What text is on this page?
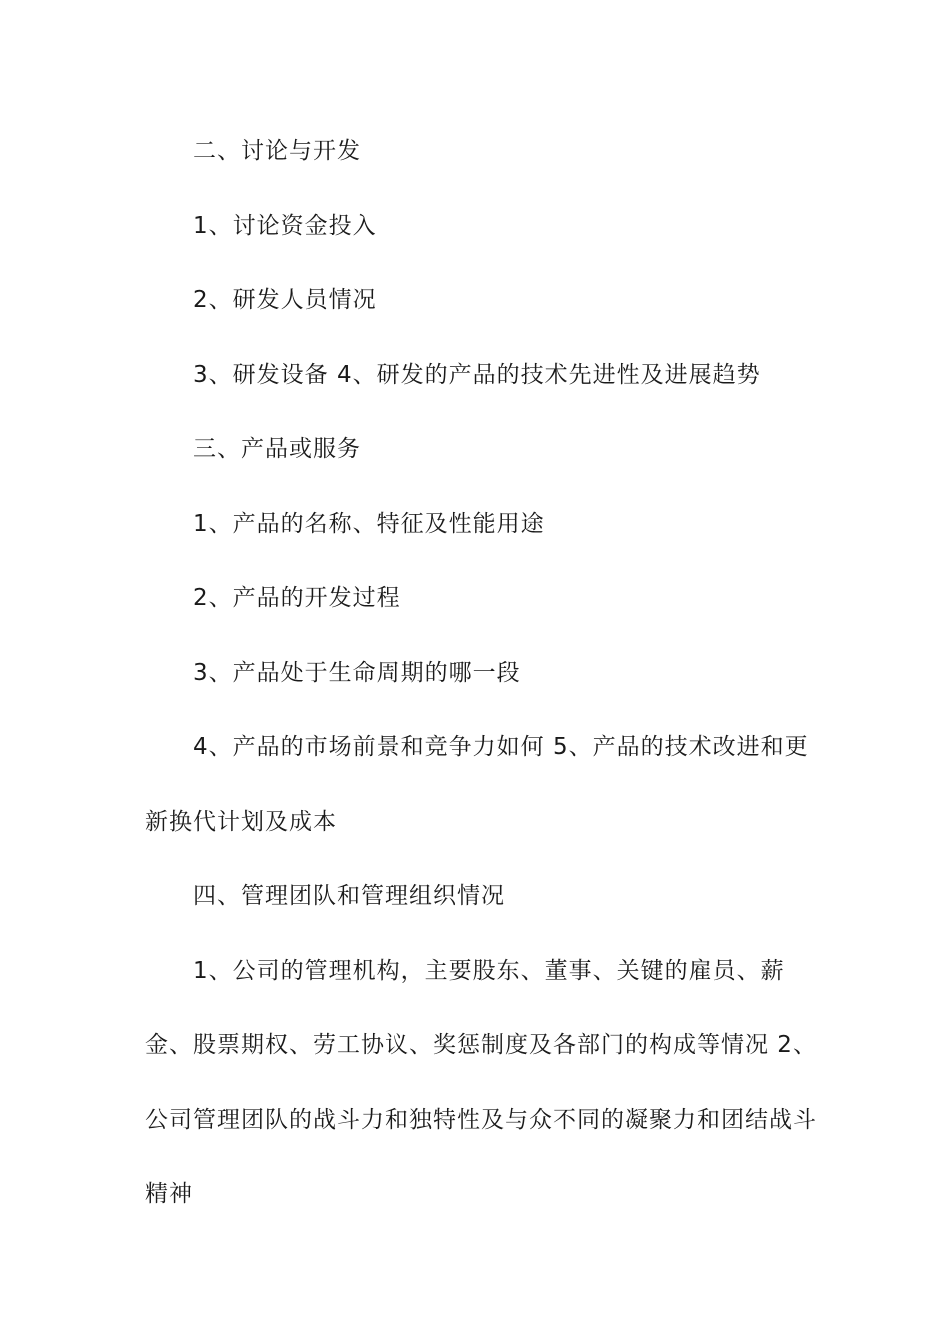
二、讨论与开发

1、讨论资金投入

2、研发人员情况

3、研发设备 4、研发的产品的技术先进性及进展趋势

三、产品或服务

1、产品的名称、特征及性能用途

2、产品的开发过程

3、产品处于生命周期的哪一段

4、产品的市场前景和竞争力如何 5、产品的技术改进和更新换代计划及成本

四、管理团队和管理组织情况

1、公司的管理机构，主要股东、董事、关键的雇员、薪金、股票期权、劳工协议、奖惩制度及各部门的构成等情况 2、公司管理团队的战斗力和独特性及与众不同的凝聚力和团结战斗精神
